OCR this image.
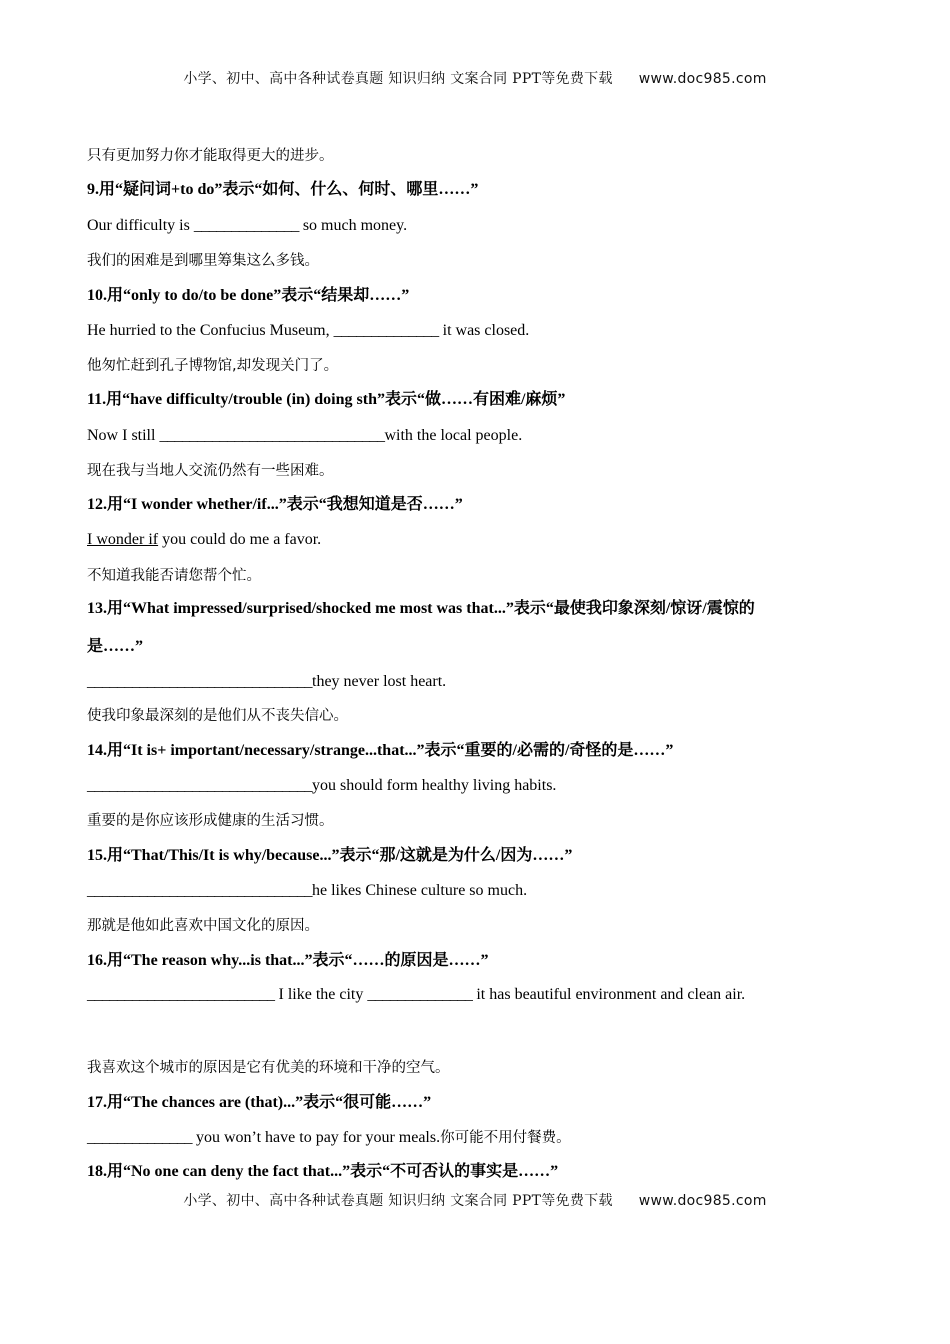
小学、初中、高中各种试卷真题 知识归纳 文案合同 PPT等免费下载 www.doc985.com
只有更加努力你才能取得更大的进步。
9.用“疑问词+to do”表示“如何、什么、何时、哪里……”
Our difficulty is ______________ so much money.
我们的困难是到哪里筹集这么多钱。
10.用“only to do/to be done”表示“结果却……”
He hurried to the Confucius Museum, ______________ it was closed.
他匆忙赶到孔子博物馆,却发现关门了。
11.用“have difficulty/trouble (in) doing sth”表示“做……有困难/麻烦”
Now I still ______________________________with the local people.
现在我与当地人交流仍然有一些困难。
12.用“I wonder whether/if...”表示“我想知道是否……”
I wonder if you could do me a favor.
不知道我能否请您帮个忙。
13.用“What impressed/surprised/shocked me most was that...”表示“最使我印象深刻/惊讶/震惊的
是……”
______________________________they never lost heart.
使我印象最深刻的是他们从不丧失信心。
14.用“It is+ important/necessary/strange...that...”表示“重要的/必需的/奇怪的是……”
______________________________you should form healthy living habits.
重要的是你应该形成健康的生活习惯。
15.用“That/This/It is why/because...”表示“那/这就是为什么/因为……”
______________________________he likes Chinese culture so much.
那就是他如此喜欢中国文化的原因。
16.用“The reason why...is that...”表示“……的原因是……”
_________________________ I like the city ______________ it has beautiful environment and clean air.
我喜欢这个城市的原因是它有优美的环境和干净的空气。
17.用“The chances are (that)...”表示“很可能……”
______________ you won’t have to pay for your meals.你可能不用付餐费。
18.用“No one can deny the fact that...”表示“不可否认的事实是……”
小学、初中、高中各种试卷真题 知识归纳 文案合同 PPT等免费下载 www.doc985.com
